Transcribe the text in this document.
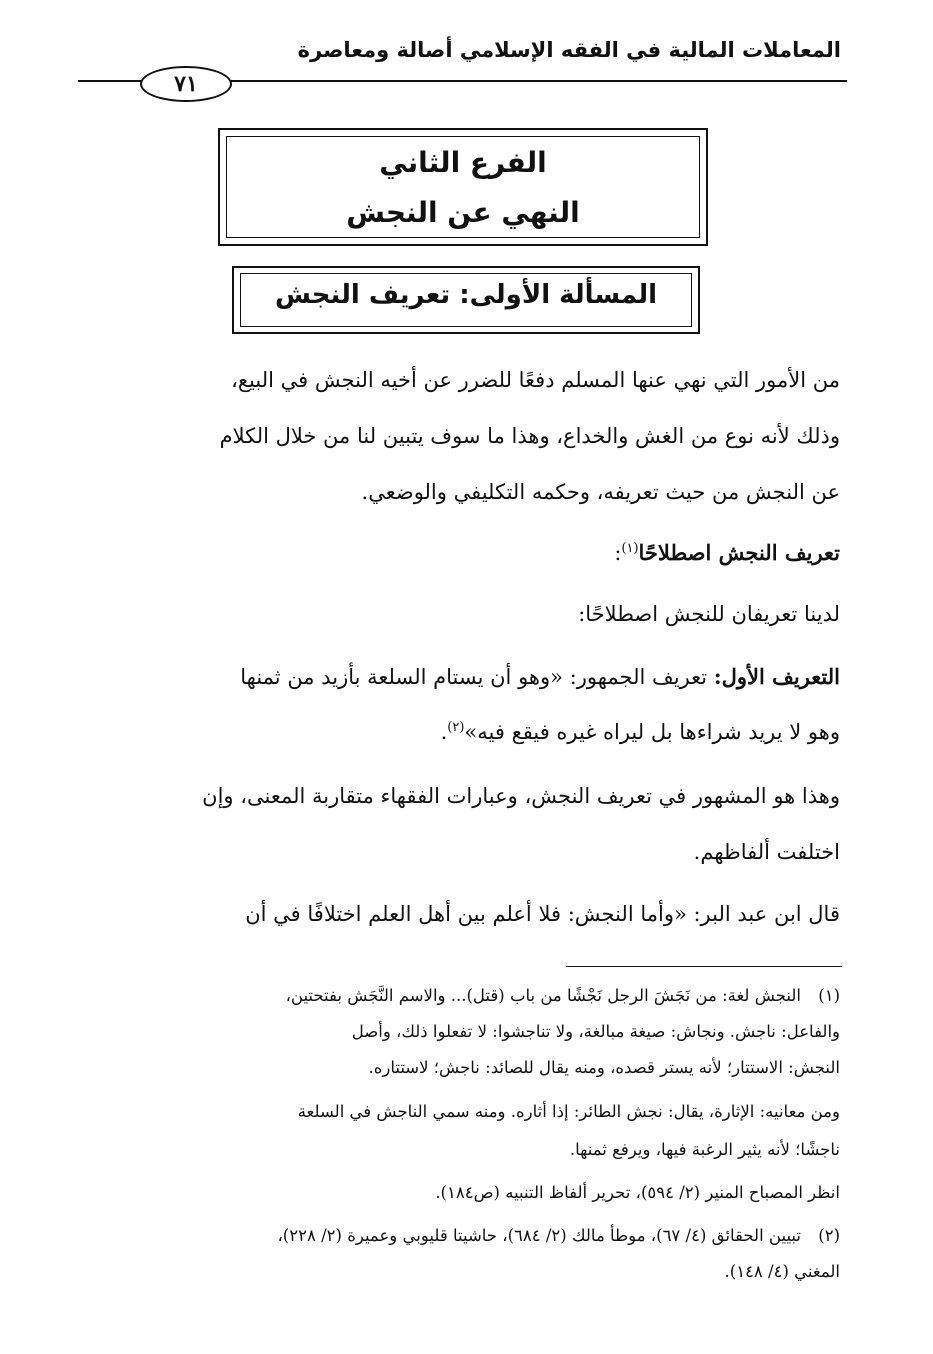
المعاملات المالية في الفقه الإسلامي أصالة ومعاصرة
٧١
الفرع الثاني
النهي عن النجش
المسألة الأولى: تعريف النجش
من الأمور التي نهي عنها المسلم دفعًا للضرر عن أخيه النجش في البيع،
وذلك لأنه نوع من الغش والخداع، وهذا ما سوف يتبين لنا من خلال الكلام
عن النجش من حيث تعريفه، وحكمه التكليفي والوضعي.
تعريف النجش اصطلاحًا$^{(١)}$:
لدينا تعريفان للنجش اصطلاحًا:
التعريف الأول: تعريف الجمهور: «وهو أن يستام السلعة بأزيد من ثمنها
وهو لا يريد شراءها بل ليراه غيره فيقع فيه»$^{(٢)}$.
وهذا هو المشهور في تعريف النجش، وعبارات الفقهاء متقاربة المعنى، وإن
اختلفت ألفاظهم.
قال ابن عبد البر: «وأما النجش: فلا أعلم بين أهل العلم اختلافًا في أن
(١)
النجش لغة: من نَجَشَ الرجل نَجْشًا من باب (قتل)... والاسم النَّجَش بفتحتين،
والفاعل: ناجش. ونجاش: صيغة مبالغة، ولا تناجشوا: لا تفعلوا ذلك، وأصل
النجش: الاستتار؛ لأنه يستر قصده، ومنه يقال للصائد: ناجش؛ لاستتاره.
ومن معانيه: الإثارة، يقال: نجش الطائر: إذا أثاره. ومنه سمي الناجش في السلعة
ناجشًا؛ لأنه يثير الرغبة فيها، ويرفع ثمنها.
انظر المصباح المنير (٢/ ٥٩٤)، تحرير ألفاظ التنبيه (ص١٨٤).
(٢)
تبيين الحقائق (٤/ ٦٧)، موطأ مالك (٢/ ٦٨٤)، حاشيتا قليوبي وعميرة (٢/ ٢٢٨)،
المغني (٤/ ١٤٨).
